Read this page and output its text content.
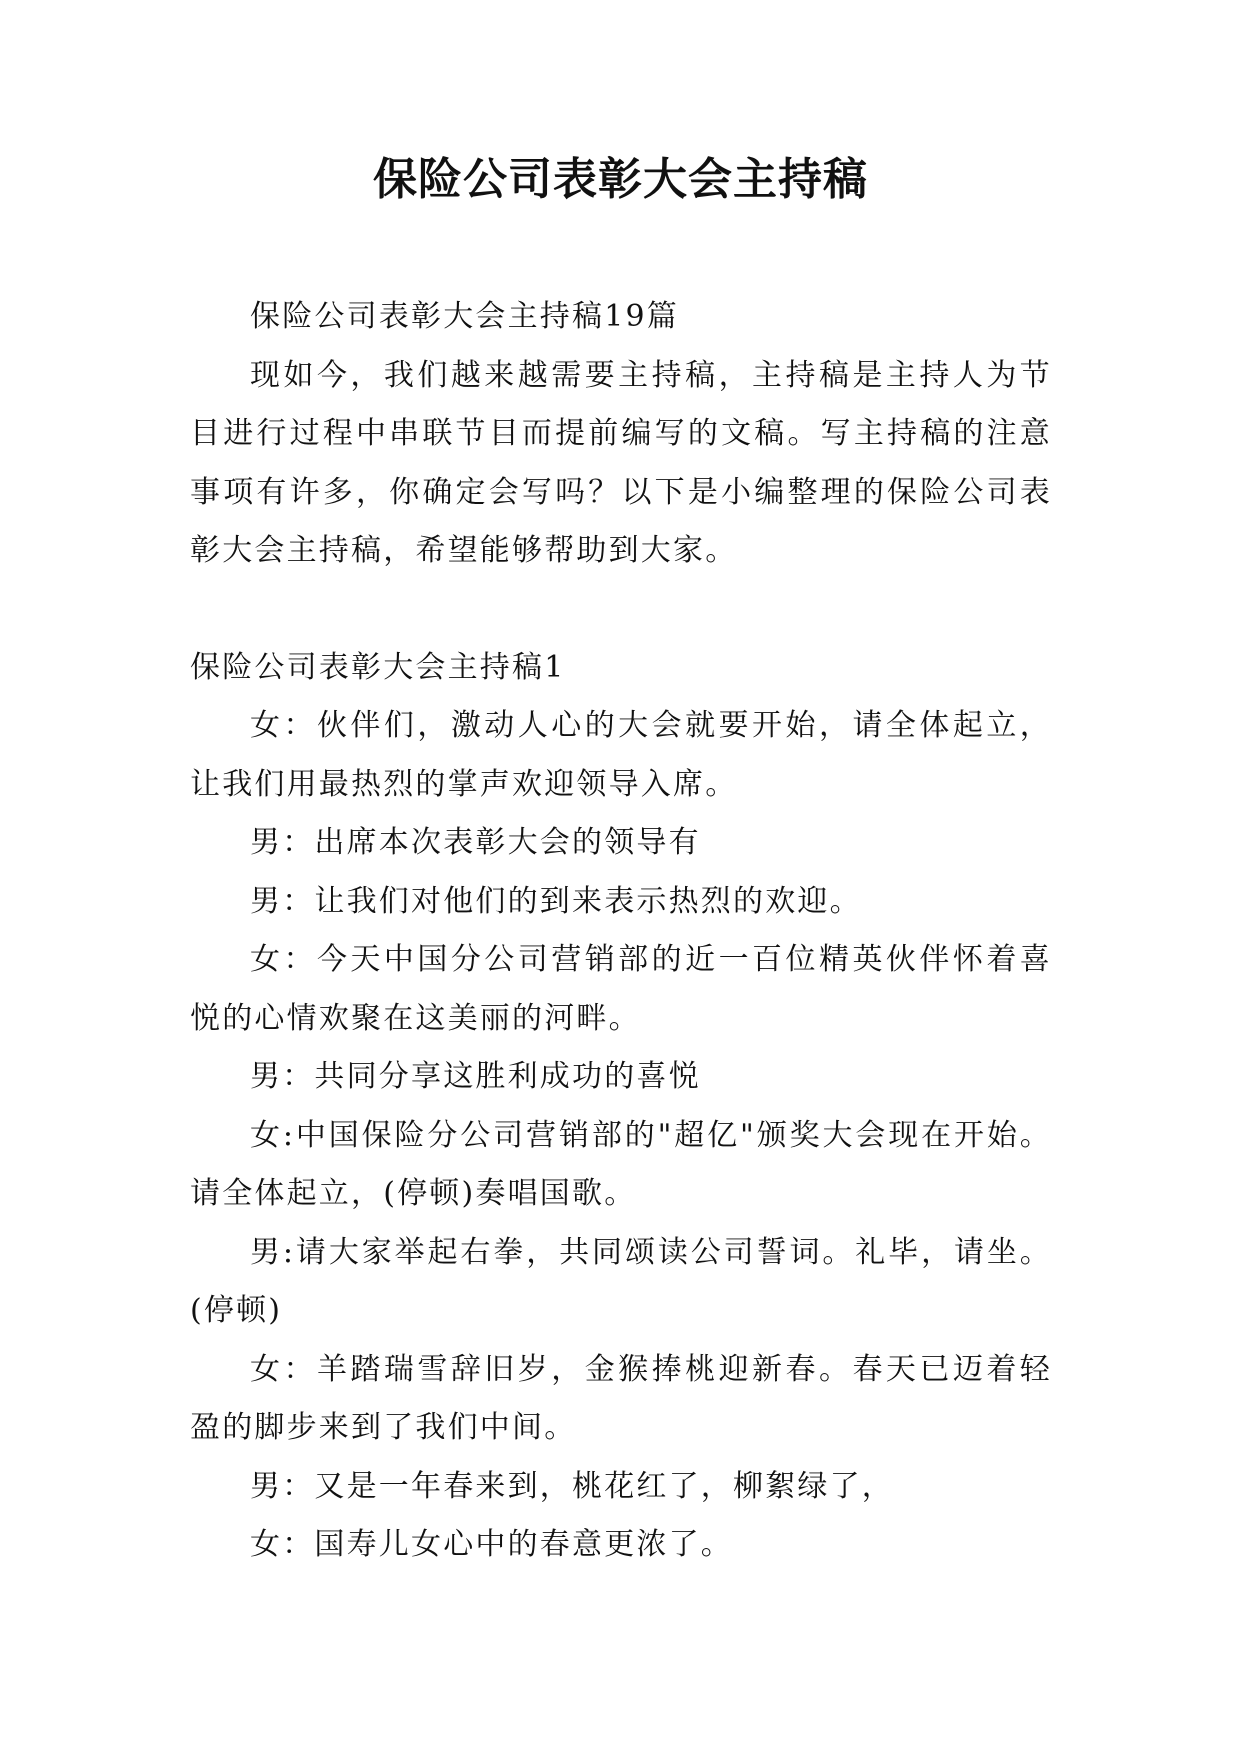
保险公司表彰大会主持稿

保险公司表彰大会主持稿19篇

现如今，我们越来越需要主持稿，主持稿是主持人为节目进行过程中串联节目而提前编写的文稿。写主持稿的注意事项有许多，你确定会写吗？以下是小编整理的保险公司表彰大会主持稿，希望能够帮助到大家。

保险公司表彰大会主持稿1

女：伙伴们，激动人心的大会就要开始，请全体起立，让我们用最热烈的掌声欢迎领导入席。

男：出席本次表彰大会的领导有

男：让我们对他们的到来表示热烈的欢迎。

女：今天中国分公司营销部的近一百位精英伙伴怀着喜悦的心情欢聚在这美丽的河畔。

男：共同分享这胜利成功的喜悦

女:中国保险分公司营销部的"超亿"颁奖大会现在开始。请全体起立，(停顿)奏唱国歌。

男:请大家举起右拳，共同颂读公司誓词。礼毕，请坐。(停顿)

女：羊踏瑞雪辞旧岁，金猴捧桃迎新春。春天已迈着轻盈的脚步来到了我们中间。

男：又是一年春来到，桃花红了，柳絮绿了，

女：国寿儿女心中的春意更浓了。
